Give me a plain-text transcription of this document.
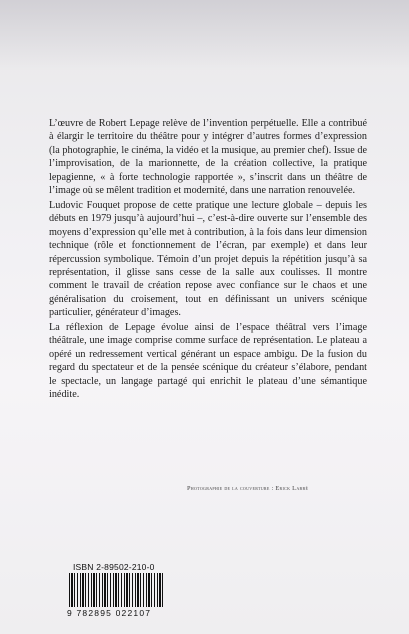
L’œuvre de Robert Lepage relève de l’invention perpétuelle. Elle a contribué à élargir le territoire du théâtre pour y intégrer d’autres formes d’expression (la photographie, le cinéma, la vidéo et la musique, au premier chef). Issue de l’improvisation, de la marionnette, de la création collective, la pratique lepagienne, « à forte technologie rapportée », s’inscrit dans un théâtre de l’image où se mêlent tradition et modernité, dans une narration renouvelée.

Ludovic Fouquet propose de cette pratique une lecture globale – depuis les débuts en 1979 jusqu’à aujourd’hui –, c’est-à-dire ouverte sur l’ensemble des moyens d’expression qu’elle met à contribution, à la fois dans leur dimension technique (rôle et fonctionnement de l’écran, par exemple) et dans leur répercussion symbolique. Témoin d’un projet depuis la répétition jusqu’à sa représentation, il glisse sans cesse de la salle aux coulisses. Il montre comment le travail de création repose avec confiance sur le chaos et une généralisation du croisement, tout en définissant un univers scénique particulier, générateur d’images.

La réflexion de Lepage évolue ainsi de l’espace théâtral vers l’image théâtrale, une image comprise comme surface de représentation. Le plateau a opéré un redressement vertical générant un espace ambigu. De la fusion du regard du spectateur et de la pensée scénique du créateur s’élabore, pendant le spectacle, un langage partagé qui enrichit le plateau d’une sémantique inédite.

Photographie de la couverture : Erick Labbé
ISBN 2-89502-210-0
9 782895 022107
